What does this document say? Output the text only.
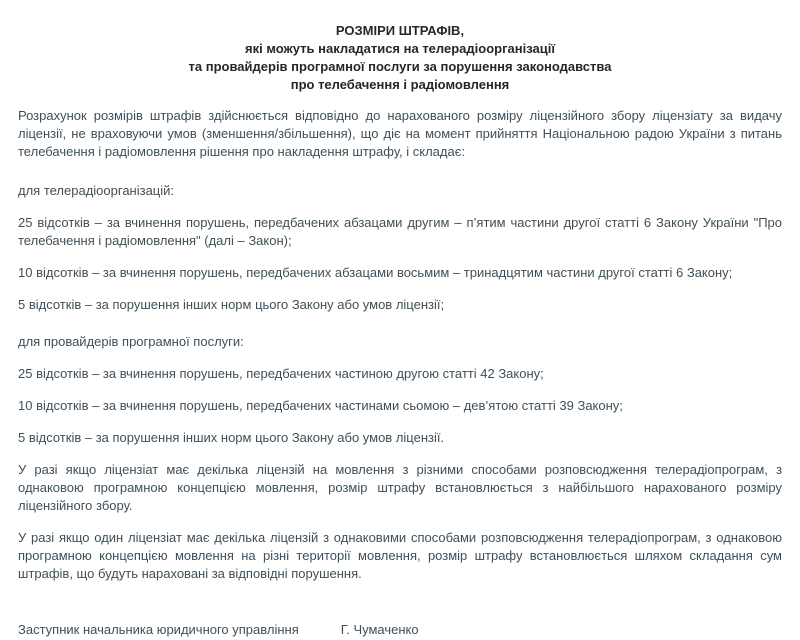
РОЗМІРИ ШТРАФІВ,
які можуть накладатися на телерадіоорганізації
та провайдерів програмної послуги за порушення законодавства
про телебачення і радіомовлення

Розрахунок розмірів штрафів здійснюється відповідно до нарахованого розміру ліцензійного збору ліцензіату за видачу ліцензії, не враховуючи умов (зменшення/збільшення), що діє на момент прийняття Національною радою України з питань телебачення і радіомовлення рішення про накладення штрафу, і складає:

для телерадіоорганізацій:

25 відсотків – за вчинення порушень, передбачених абзацами другим – п’ятим частини другої статті 6 Закону України "Про телебачення і радіомовлення" (далі – Закон);

10 відсотків – за вчинення порушень, передбачених абзацами восьмим – тринадцятим частини другої статті 6 Закону;

5 відсотків – за порушення інших норм цього Закону або умов ліцензії;

для провайдерів програмної послуги:

25 відсотків – за вчинення порушень, передбачених частиною другою статті 42 Закону;

10 відсотків – за вчинення порушень, передбачених частинами сьомою – дев’ятою статті 39 Закону;

5 відсотків – за порушення інших норм цього Закону або умов ліцензії.

У разі якщо ліцензіат має декілька ліцензій на мовлення з різними способами розповсюдження телерадіопрограм, з однаковою програмною концепцією мовлення, розмір штрафу встановлюється з найбільшого нарахованого розміру ліцензійного збору.

У разі якщо один ліцензіат має декілька ліцензій з однаковими способами розповсюдження телерадіопрограм, з однаковою програмною концепцією мовлення на різні території мовлення, розмір штрафу встановлюється шляхом складання сум штрафів, що будуть нараховані за відповідні порушення.

Заступник начальника юридичного управління	Г. Чумаченко
